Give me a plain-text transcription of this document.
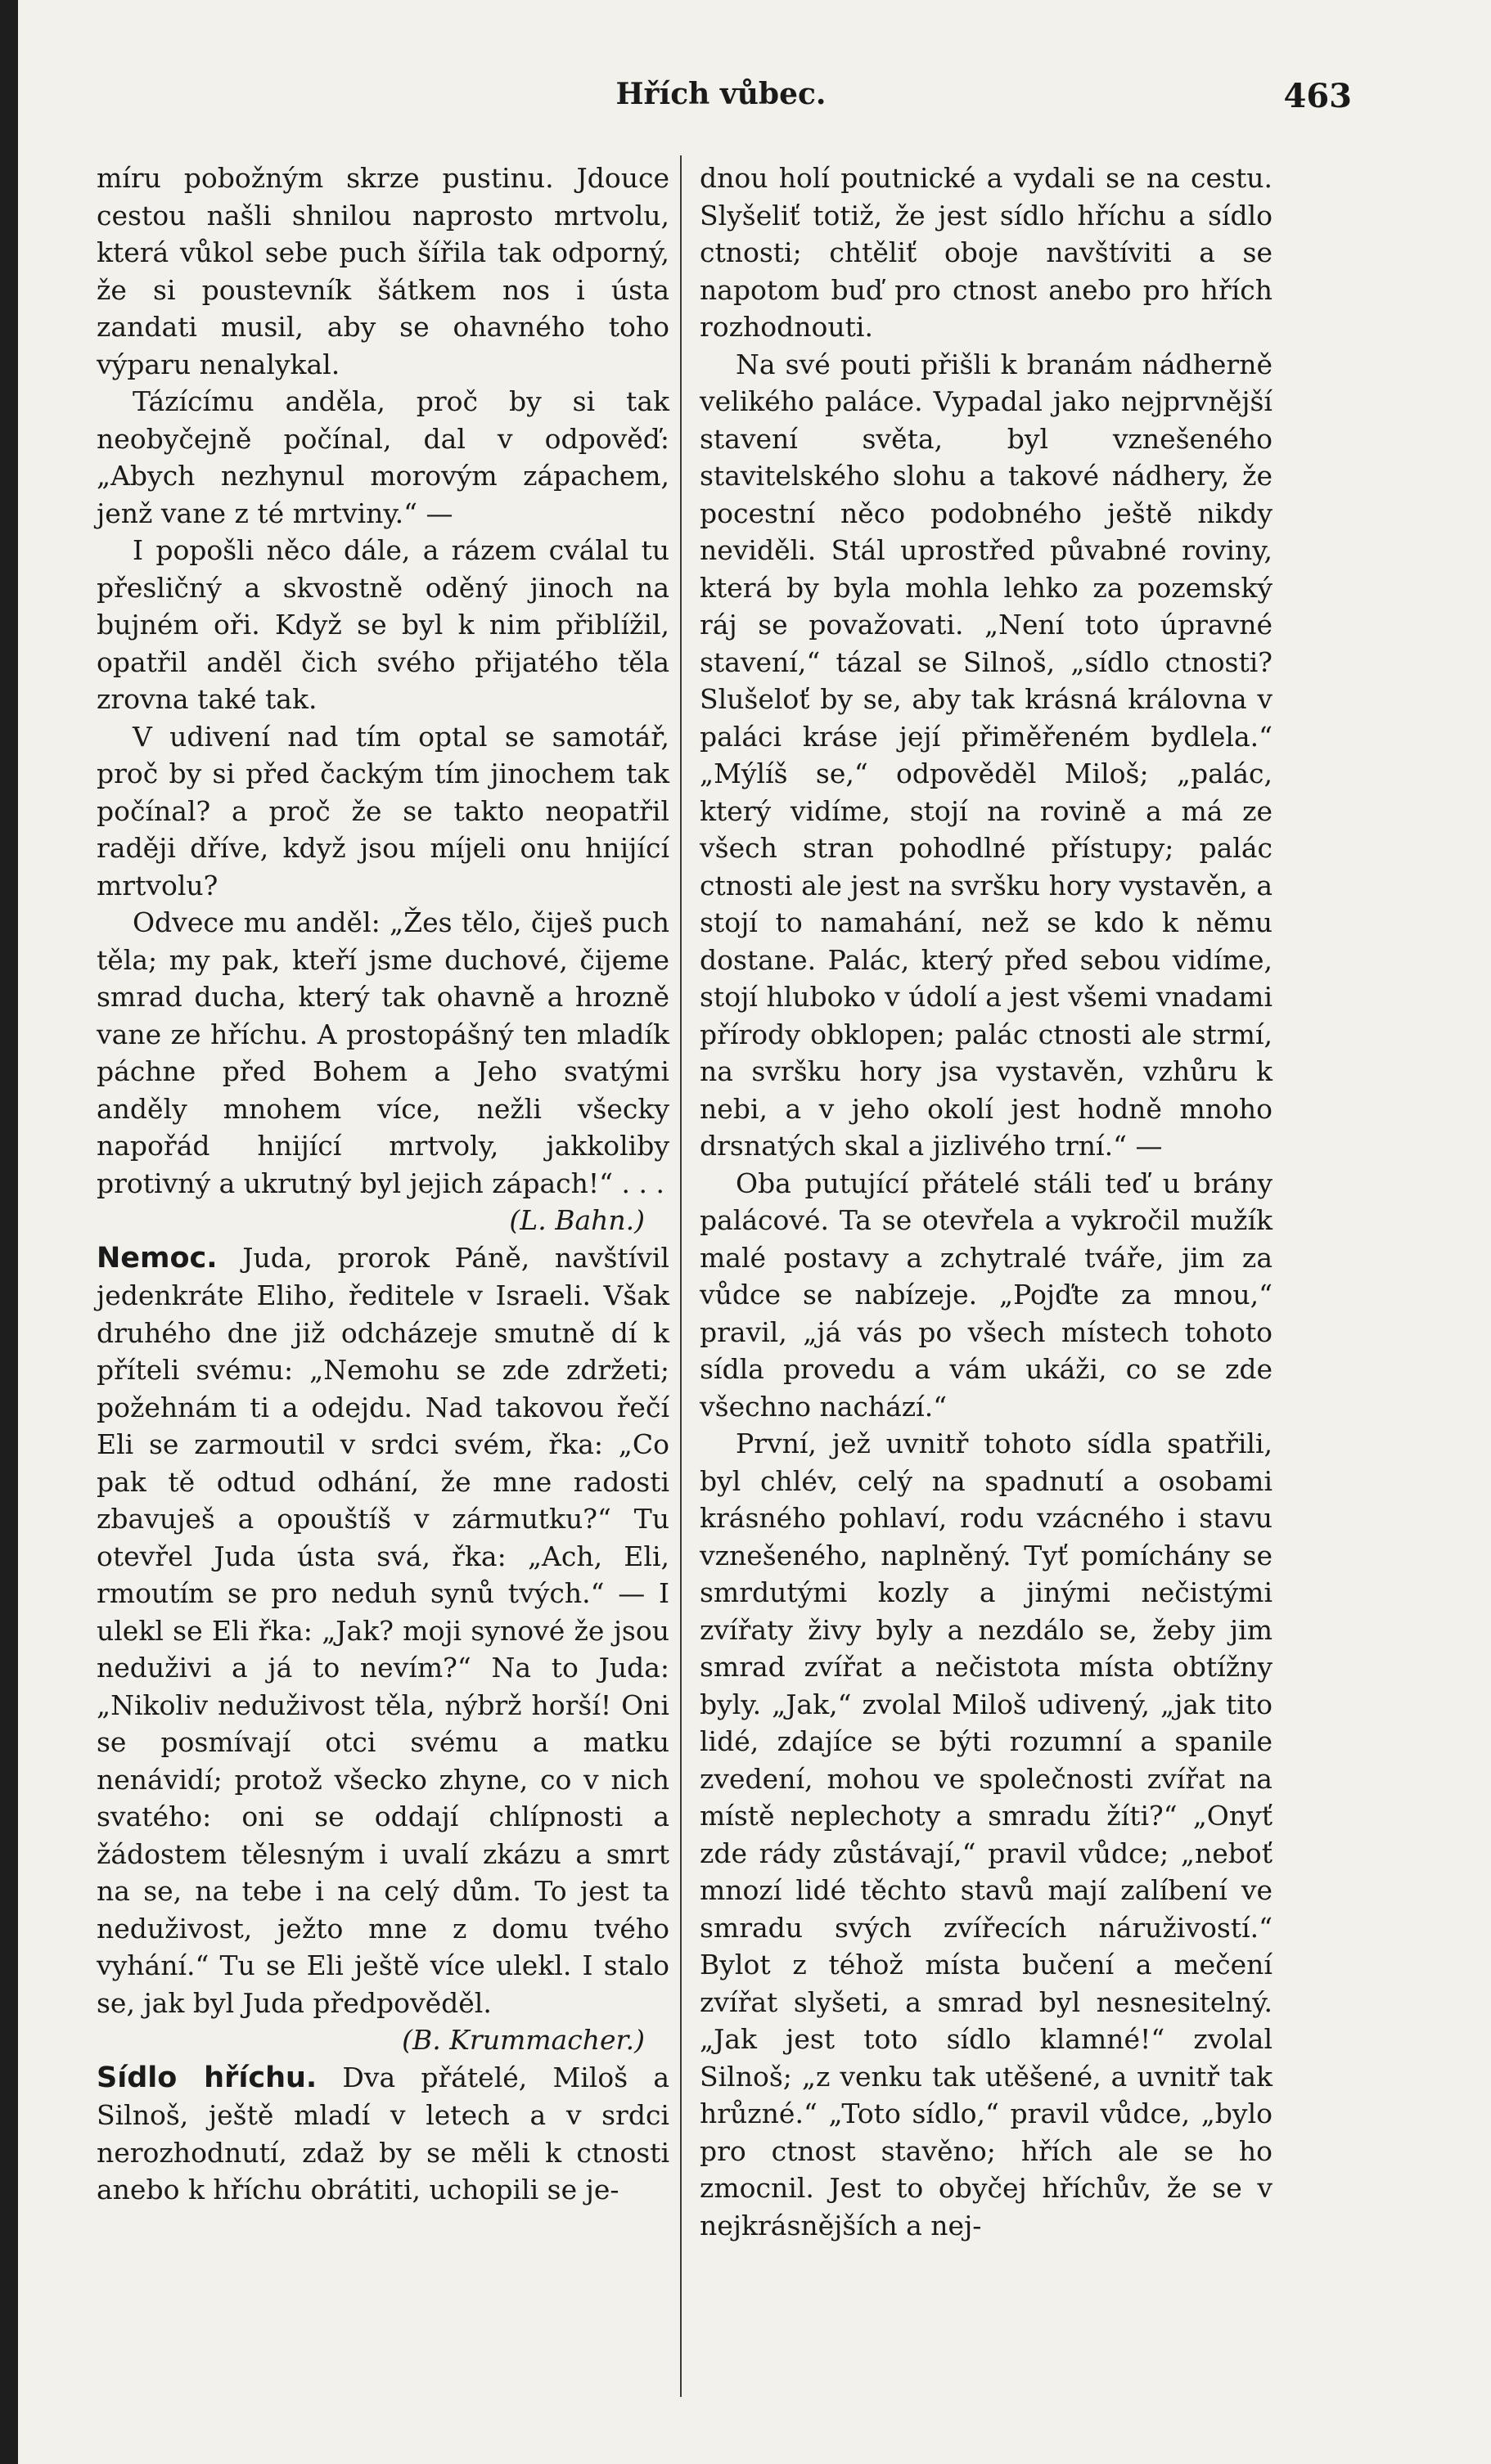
Hřích vůbec.	463

míru pobožným skrze pustinu. Jdouce cestou našli shnilou naprosto mrtvolu, která vůkol sebe puch šířila tak odporný, že si poustevník šátkem nos i ústa zandati musil, aby se ohavného toho výparu nenalykal.

Tázícímu anděla, proč by si tak neobyčejně počínal, dal v odpověď: „Abych nezhynul morovým zápachem, jenž vane z té mrtviny.“ —

I popošli něco dále, a rázem cválal tu přesličný a skvostně oděný jinoch na bujném oři. Když se byl k nim přiblížil, opatřil anděl čich svého přijatého těla zrovna také tak.

V udivení nad tím optal se samotář, proč by si před čackým tím jinochem tak počínal? a proč že se takto neopatřil raději dříve, když jsou míjeli onu hnijící mrtvolu?

Odvece mu anděl: „Žes tělo, čiješ puch těla; my pak, kteří jsme duchové, čijeme smrad ducha, který tak ohavně a hrozně vane ze hříchu. A prostopášný ten mladík páchne před Bohem a Jeho svatými anděly mnohem více, nežli všecky napořád hnijící mrtvoly, jakkoliby protivný a ukrutný byl jejich zápach!“ . . .

(L. Bahn.)

Nemoc. Juda, prorok Páně, navštívil jedenkráte Eliho, ředitele v Israeli. Však druhého dne již odcházeje smutně dí k příteli svému: „Nemohu se zde zdržeti; požehnám ti a odejdu. Nad takovou řečí Eli se zarmoutil v srdci svém, řka: „Co pak tě odtud odhání, že mne radosti zbavuješ a opouštíš v zármutku?“ Tu otevřel Juda ústa svá, řka: „Ach, Eli, rmoutím se pro neduh synů tvých.“ — I ulekl se Eli řka: „Jak? moji synové že jsou neduživi a já to nevím?“ Na to Juda: „Nikoliv neduživost těla, nýbrž horší! Oni se posmívají otci svému a matku nenávidí; protož všecko zhyne, co v nich svatého: oni se oddají chlípnosti a žádostem tělesným i uvalí zkázu a smrt na se, na tebe i na celý dům. To jest ta neduživost, ježto mne z domu tvého vyhání.“ Tu se Eli ještě více ulekl. I stalo se, jak byl Juda předpověděl.

(B. Krummacher.)

Sídlo hříchu. Dva přátelé, Miloš a Silnoš, ještě mladí v letech a v srdci nerozhodnutí, zdaž by se měli k ctnosti anebo k hříchu obrátiti, uchopili se je-

dnou holí poutnické a vydali se na cestu. Slyšeliť totiž, že jest sídlo hříchu a sídlo ctnosti; chtěliť oboje navštíviti a se napotom buď pro ctnost anebo pro hřích rozhodnouti.

Na své pouti přišli k branám nádherně velikého paláce. Vypadal jako nejprvnější stavení světa, byl vznešeného stavitelského slohu a takové nádhery, že pocestní něco podobného ještě nikdy neviděli. Stál uprostřed půvabné roviny, která by byla mohla lehko za pozemský ráj se považovati. „Není toto úpravné stavení,“ tázal se Silnoš, „sídlo ctnosti? Slušeloť by se, aby tak krásná královna v paláci kráse její přiměřeném bydlela.“ „Mýlíš se,“ odpověděl Miloš; „palác, který vidíme, stojí na rovině a má ze všech stran pohodlné přístupy; palác ctnosti ale jest na svršku hory vystavěn, a stojí to namahání, než se kdo k němu dostane. Palác, který před sebou vidíme, stojí hluboko v údolí a jest všemi vnadami přírody obklopen; palác ctnosti ale strmí, na svršku hory jsa vystavěn, vzhůru k nebi, a v jeho okolí jest hodně mnoho drsnatých skal a jizlivého trní.“ —

Oba putující přátelé stáli teď u brány palácové. Ta se otevřela a vykročil mužík malé postavy a zchytralé tváře, jim za vůdce se nabízeje. „Pojďte za mnou,“ pravil, „já vás po všech místech tohoto sídla provedu a vám ukáži, co se zde všechno nachází.“

První, jež uvnitř tohoto sídla spatřili, byl chlév, celý na spadnutí a osobami krásného pohlaví, rodu vzácného i stavu vznešeného, naplněný. Tyť pomíchány se smrdutými kozly a jinými nečistými zvířaty živy byly a nezdálo se, žeby jim smrad zvířat a nečistota místa obtížny byly. „Jak,“ zvolal Miloš udivený, „jak tito lidé, zdajíce se býti rozumní a spanile zvedení, mohou ve společnosti zvířat na místě neplechoty a smradu žíti?“ „Onyť zde rády zůstávají,“ pravil vůdce; „neboť mnozí lidé těchto stavů mají zalíbení ve smradu svých zvířecích náruživostí.“ Bylot z téhož místa bučení a mečení zvířat slyšeti, a smrad byl nesnesitelný. „Jak jest toto sídlo klamné!“ zvolal Silnoš; „z venku tak utěšené, a uvnitř tak hrůzné.“ „Toto sídlo,“ pravil vůdce, „bylo pro ctnost stavěno; hřích ale se ho zmocnil. Jest to obyčej hříchův, že se v nejkrásnějších a nej-
